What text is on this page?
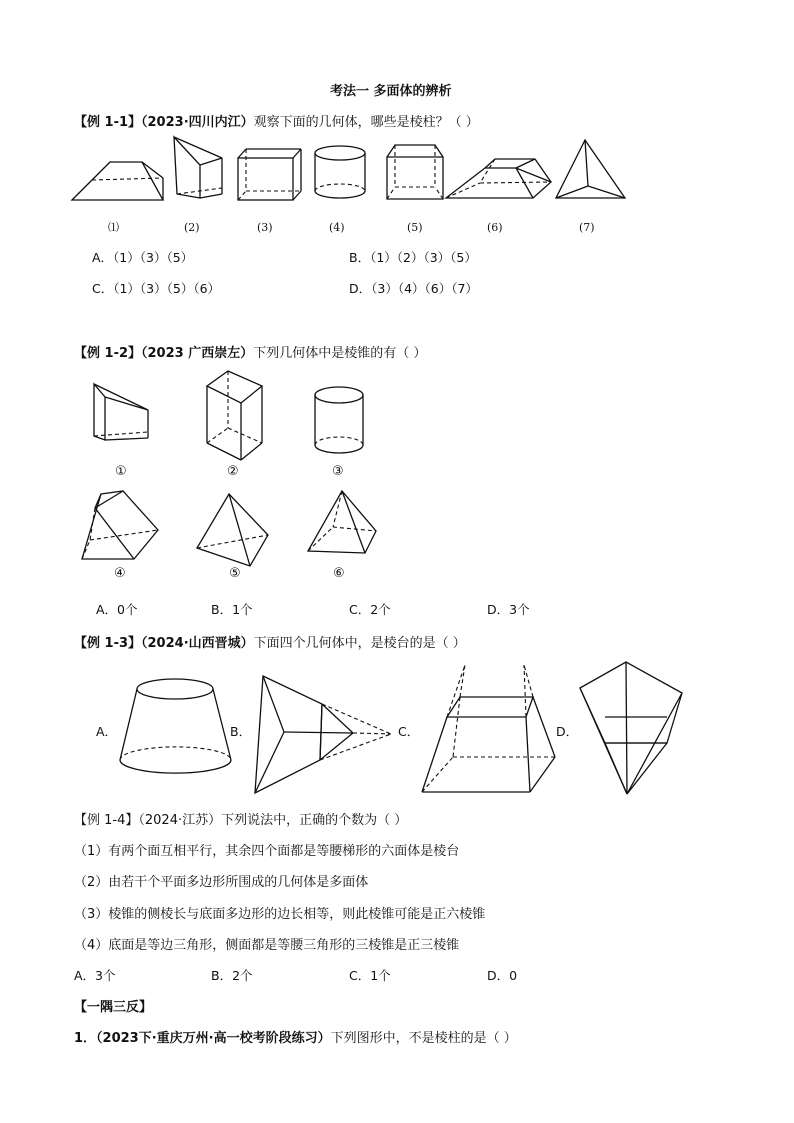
考法一 多面体的辨析
【例 1-1】（2023·四川内江）观察下面的几何体，哪些是棱柱？（ ）
⑴	(2)	(3)	(4)	(5)	(6)	(7)
A．（1）（3）（5）	B．（1）（2）（3）（5）
C．（1）（3）（5）（6）	D．（3）（4）（6）（7）
【例 1-2】（2023 广西崇左）下列几何体中是棱锥的有（ ）
①	②	③
④	⑤	⑥
A．0个	B．1个	C．2个	D．3个
【例 1-3】（2024·山西晋城）下面四个几何体中，是棱台的是（ ）
A．	B．	C．	D．
【例 1-4】（2024·江苏）下列说法中，正确的个数为（ ）
（1）有两个面互相平行，其余四个面都是等腰梯形的六面体是棱台
（2）由若干个平面多边形所围成的几何体是多面体
（3）棱锥的侧棱长与底面多边形的边长相等，则此棱锥可能是正六棱锥
（4）底面是等边三角形，侧面都是等腰三角形的三棱锥是正三棱锥
A．3个	B．2个	C．1个	D．0
【一隅三反】
1．（2023下·重庆万州·高一校考阶段练习）下列图形中，不是棱柱的是（ ）
